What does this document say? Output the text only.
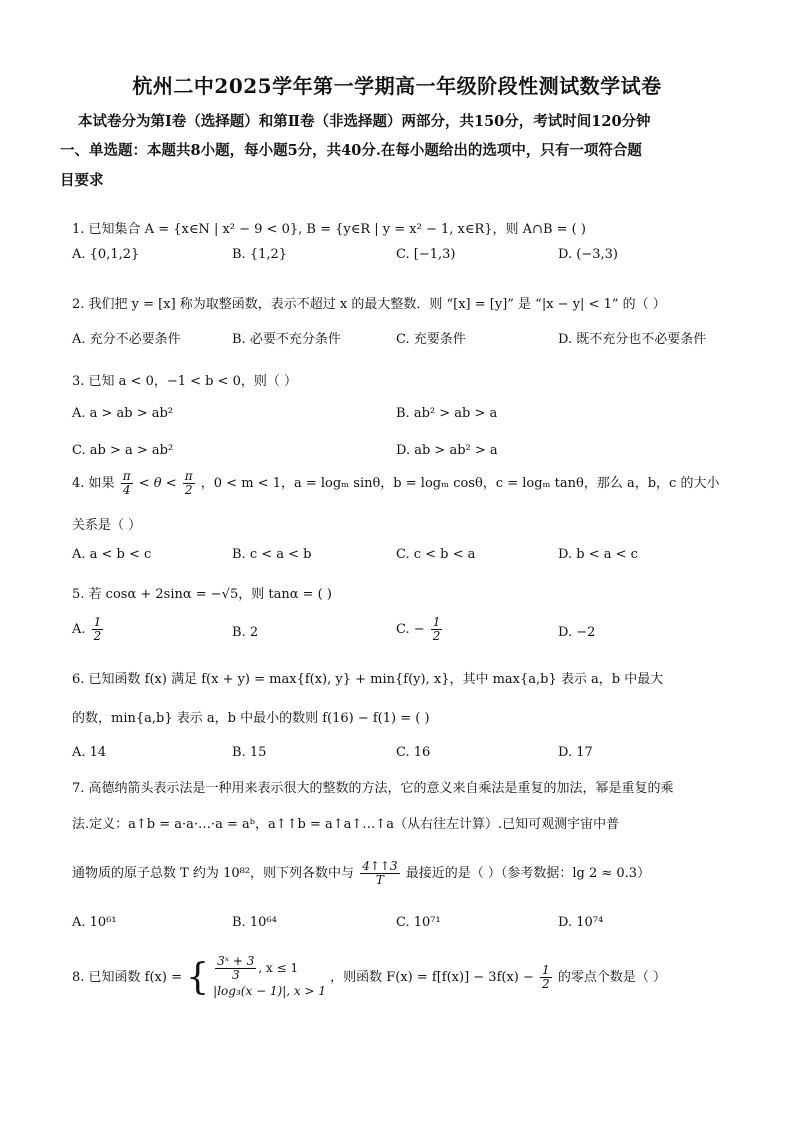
杭州二中2025学年第一学期高一年级阶段性测试数学试卷
本试卷分为第Ⅰ卷（选择题）和第Ⅱ卷（非选择题）两部分，共150分，考试时间120分钟
一、单选题：本题共8小题，每小题5分，共40分.在每小题给出的选项中，只有一项符合题
目要求
1. 已知集合 A = {x∈N | x² − 9 < 0}, B = {y∈R | y = x² − 1, x∈R}，则 A∩B = ( )
A. {0,1,2}	B. {1,2}	C. [−1,3)	D. (−3,3)
2. 我们把 y = [x] 称为取整函数，表示不超过 x 的最大整数．则 “[x] = [y]” 是 “|x − y| < 1” 的（ ）
A. 充分不必要条件	B. 必要不充分条件	C. 充要条件	D. 既不充分也不必要条件
3. 已知 a < 0，−1 < b < 0，则（ ）
A. a > ab > ab²	B. ab² > ab > a
C. ab > a > ab²	D. ab > ab² > a
4. 如果 $\frac{\pi}{4} < \theta < \frac{\pi}{2}$ ，0 < m < 1，a = logₘ sinθ，b = logₘ cosθ，c = logₘ tanθ，那么 a，b，c 的大小
关系是（ ）
A. a < b < c	B. c < a < b	C. c < b < a	D. b < a < c
5. 若 cosα + 2sinα = −√5，则 tanα = ( )
A. $\frac{1}{2}$	B. 2	C. − $\frac{1}{2}$	D. −2
6. 已知函数 f(x) 满足 f(x + y) = max{f(x), y} + min{f(y), x}，其中 max{a,b} 表示 a，b 中最大
的数，min{a,b} 表示 a，b 中最小的数则 f(16) − f(1) = ( )
A. 14	B. 15	C. 16	D. 17
7. 高德纳箭头表示法是一种用来表示很大的整数的方法，它的意义来自乘法是重复的加法，幂是重复的乘
法.定义：a↑b = a·a·…·a = aᵇ，a↑↑b = a↑a↑…↑a（从右往左计算）.已知可观测宇宙中普
通物质的原子总数 T 约为 10⁸²，则下列各数中与 $\frac{4↑↑3}{T}$ 最接近的是（ ）（参考数据：lg 2 ≈ 0.3）
A. 10⁶¹	B. 10⁶⁴	C. 10⁷¹	D. 10⁷⁴
8. 已知函数 f(x) = { $\frac{\text{3ˣ + 3}}{3}$ , x ≤ 1
|log₃(x − 1)|, x > 1 ，则函数 $F(x) = f[f(x)] - 3f(x) - \frac{1}{2}$ 的零点个数是（ ）
